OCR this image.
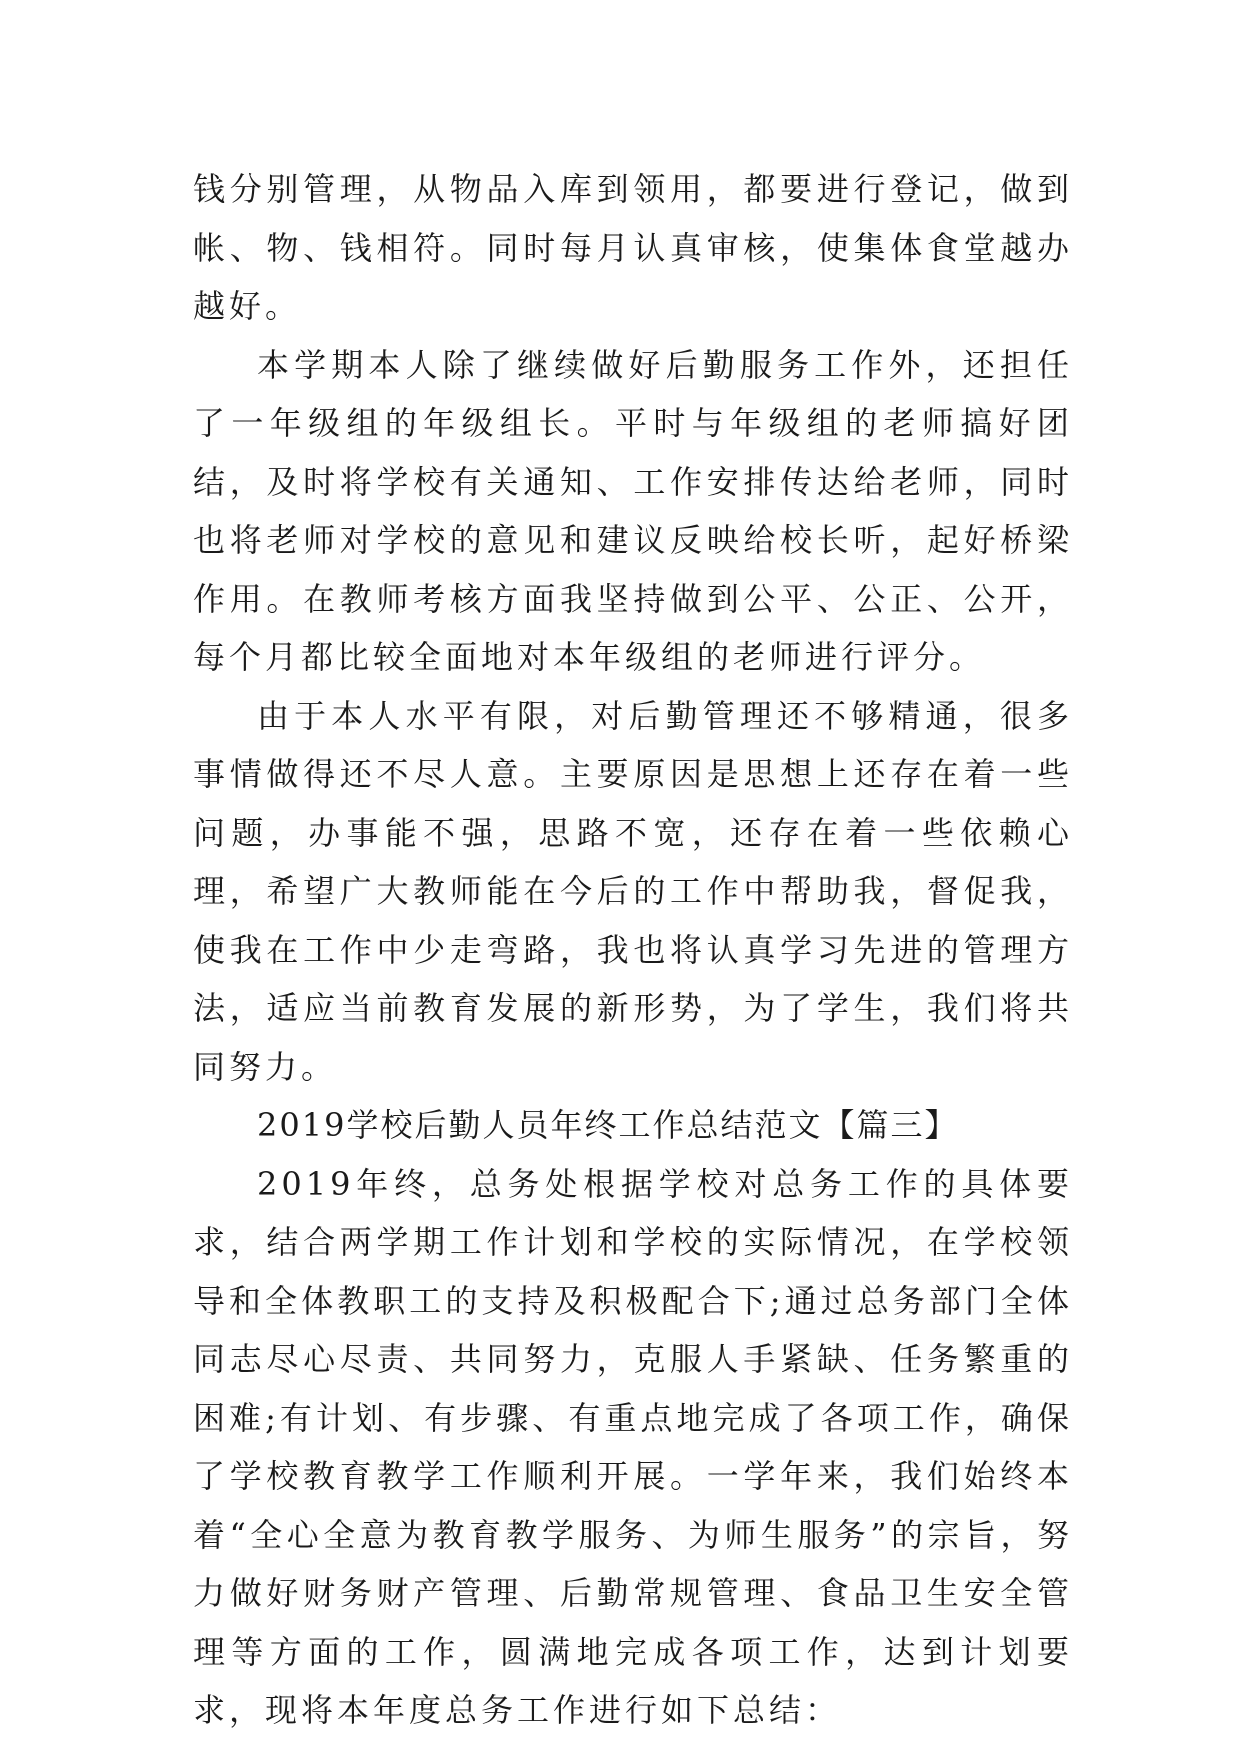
钱分别管理，从物品入库到领用，都要进行登记，做到帐、物、钱相符。同时每月认真审核，使集体食堂越办越好。

本学期本人除了继续做好后勤服务工作外，还担任了一年级组的年级组长。平时与年级组的老师搞好团结，及时将学校有关通知、工作安排传达给老师，同时也将老师对学校的意见和建议反映给校长听，起好桥梁作用。在教师考核方面我坚持做到公平、公正、公开，每个月都比较全面地对本年级组的老师进行评分。

由于本人水平有限，对后勤管理还不够精通，很多事情做得还不尽人意。主要原因是思想上还存在着一些问题，办事能不强，思路不宽，还存在着一些依赖心理，希望广大教师能在今后的工作中帮助我，督促我，使我在工作中少走弯路，我也将认真学习先进的管理方法，适应当前教育发展的新形势，为了学生，我们将共同努力。

2019学校后勤人员年终工作总结范文【篇三】

2019年终，总务处根据学校对总务工作的具体要求，结合两学期工作计划和学校的实际情况，在学校领导和全体教职工的支持及积极配合下;通过总务部门全体同志尽心尽责、共同努力，克服人手紧缺、任务繁重的困难;有计划、有步骤、有重点地完成了各项工作，确保了学校教育教学工作顺利开展。一学年来，我们始终本着“全心全意为教育教学服务、为师生服务”的宗旨，努力做好财务财产管理、后勤常规管理、食品卫生安全管理等方面的工作，圆满地完成各项工作，达到计划要求，现将本年度总务工作进行如下总结：
